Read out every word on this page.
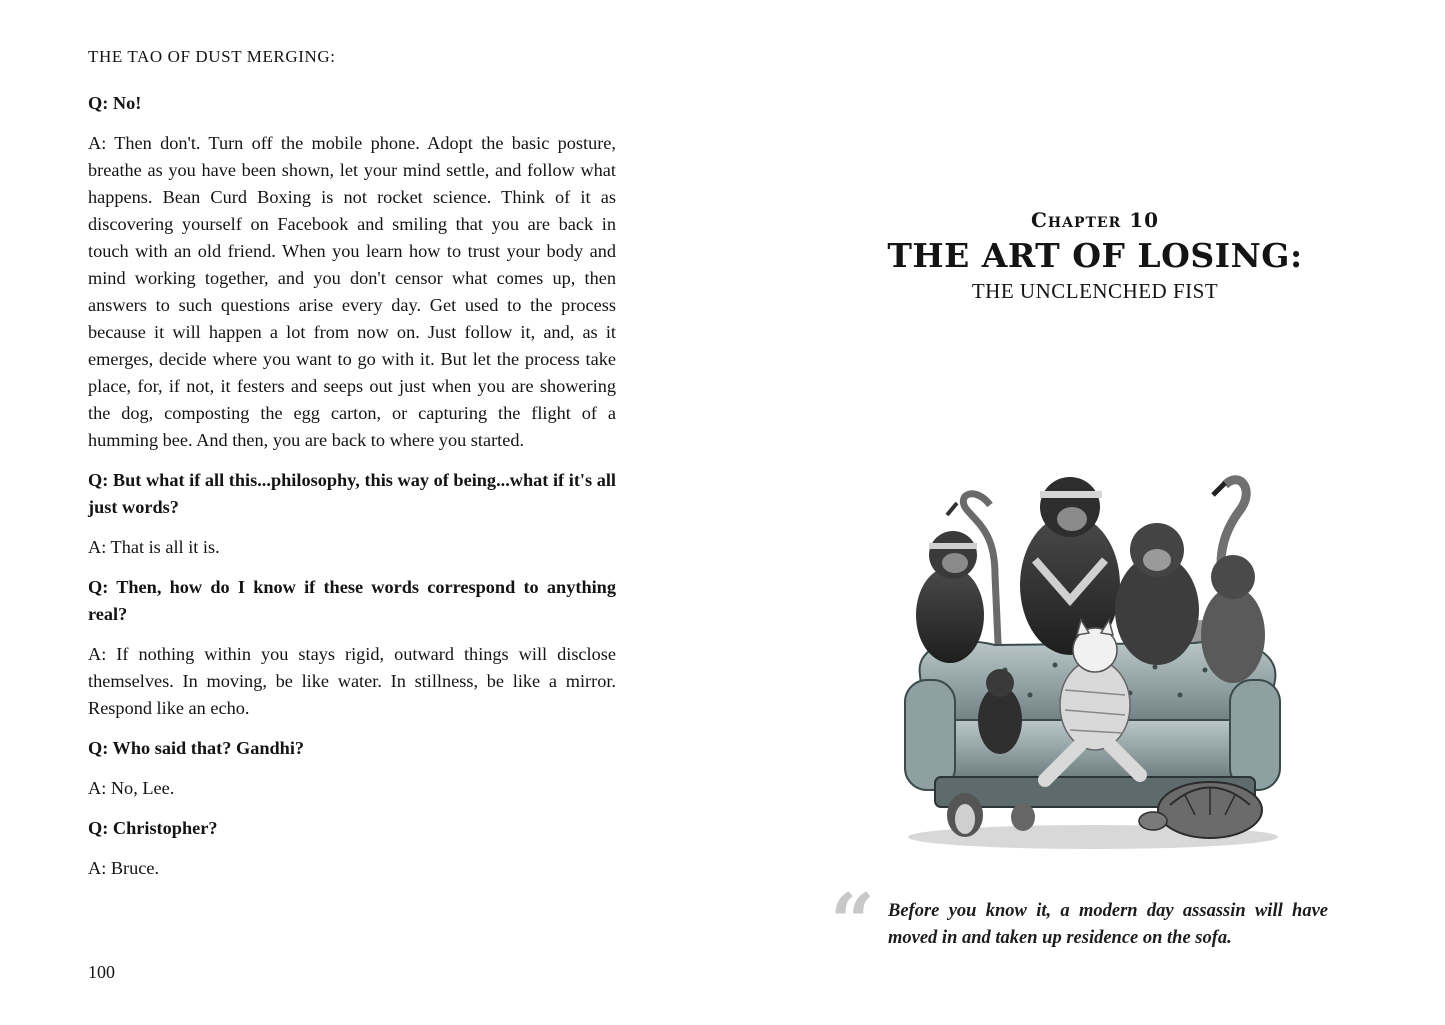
THE TAO OF DUST MERGING:

Q: No!

A: Then don't. Turn off the mobile phone. Adopt the basic posture, breathe as you have been shown, let your mind settle, and follow what happens. Bean Curd Boxing is not rocket science. Think of it as discovering yourself on Facebook and smiling that you are back in touch with an old friend. When you learn how to trust your body and mind working together, and you don't censor what comes up, then answers to such questions arise every day. Get used to the process because it will happen a lot from now on. Just follow it, and, as it emerges, decide where you want to go with it. But let the process take place, for, if not, it festers and seeps out just when you are showering the dog, composting the egg carton, or capturing the flight of a humming bee. And then, you are back to where you started.

Q: But what if all this...philosophy, this way of being...what if it's all just words?

A: That is all it is.

Q: Then, how do I know if these words correspond to anything real?

A: If nothing within you stays rigid, outward things will disclose themselves. In moving, be like water. In stillness, be like a mirror. Respond like an echo.

Q: Who said that? Gandhi?

A: No, Lee.

Q: Christopher?

A: Bruce.

100
Chapter 10
THE ART OF LOSING:
THE UNCLENCHED FIST
“ Before you know it, a modern day assassin will have moved in and taken up residence on the sofa.
